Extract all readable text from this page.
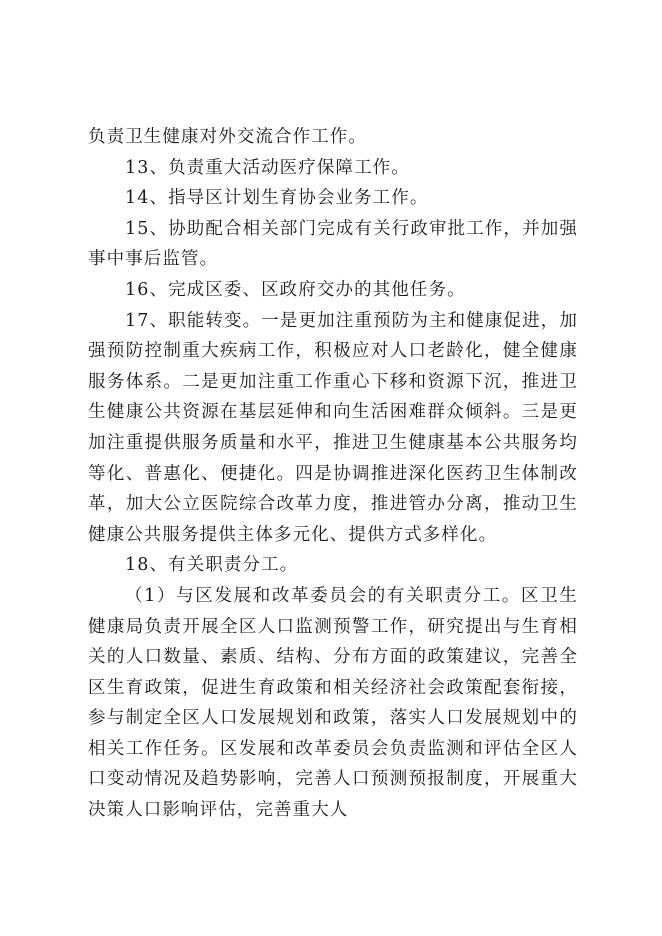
负责卫生健康对外交流合作工作。

13、负责重大活动医疗保障工作。

14、指导区计划生育协会业务工作。

15、协助配合相关部门完成有关行政审批工作，并加强事中事后监管。

16、完成区委、区政府交办的其他任务。

17、职能转变。一是更加注重预防为主和健康促进，加强预防控制重大疾病工作，积极应对人口老龄化，健全健康服务体系。二是更加注重工作重心下移和资源下沉，推进卫生健康公共资源在基层延伸和向生活困难群众倾斜。三是更加注重提供服务质量和水平，推进卫生健康基本公共服务均等化、普惠化、便捷化。四是协调推进深化医药卫生体制改革，加大公立医院综合改革力度，推进管办分离，推动卫生健康公共服务提供主体多元化、提供方式多样化。

18、有关职责分工。

（1）与区发展和改革委员会的有关职责分工。区卫生健康局负责开展全区人口监测预警工作，研究提出与生育相关的人口数量、素质、结构、分布方面的政策建议，完善全区生育政策，促进生育政策和相关经济社会政策配套衔接，参与制定全区人口发展规划和政策，落实人口发展规划中的相关工作任务。区发展和改革委员会负责监测和评估全区人口变动情况及趋势影响，完善人口预测预报制度，开展重大决策人口影响评估，完善重大人
